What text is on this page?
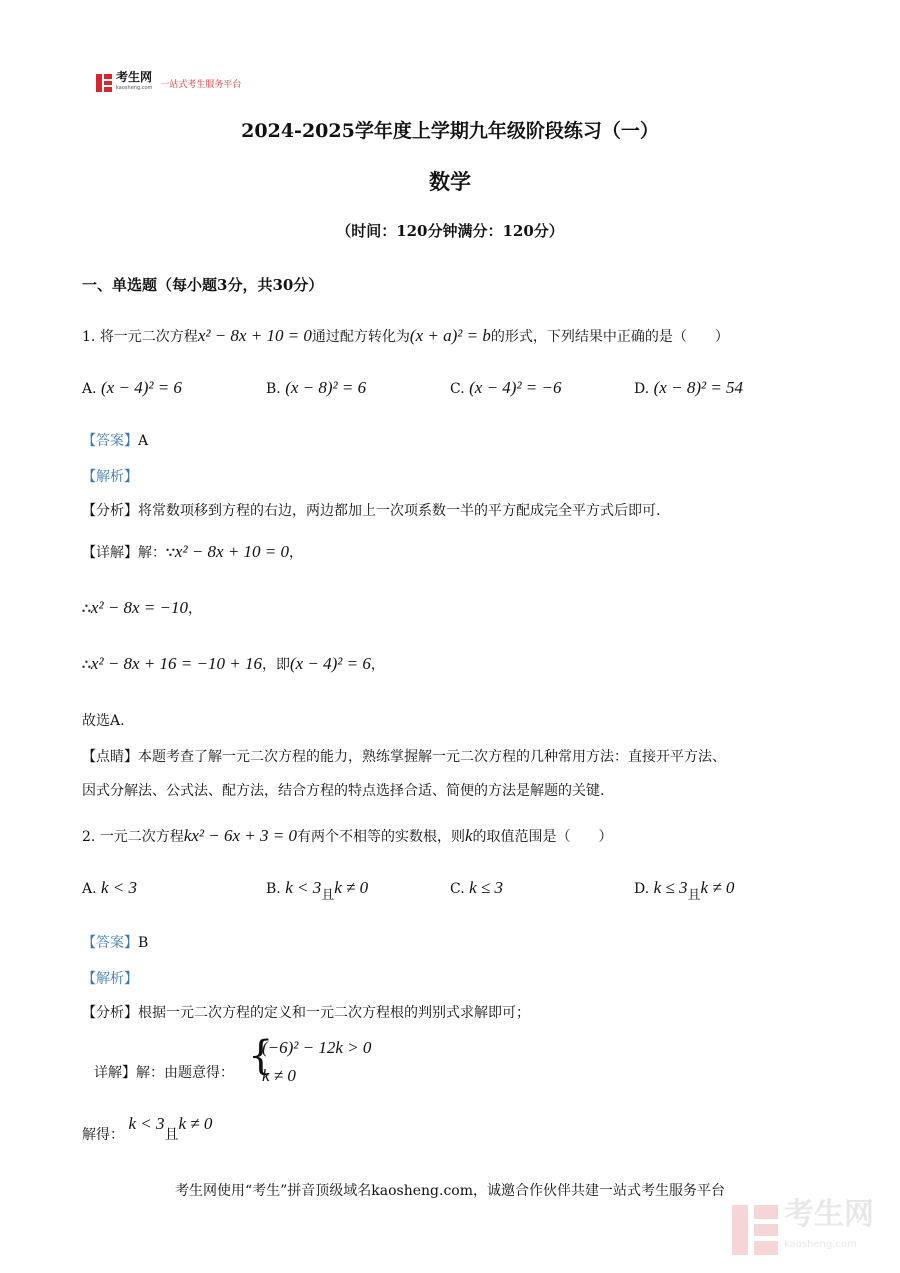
考生网
kaosheng.com 一站式考生服务平台
2024-2025学年度上学期九年级阶段练习（一）
数学
（时间：120分钟满分：120分）
一、单选题（每小题3分，共30分）
1. 将一元二次方程x² − 8x + 10 = 0通过配方转化为(x + a)² = b的形式，下列结果中正确的是（　　）
A. (x − 4)² = 6	B. (x − 8)² = 6	C. (x − 4)² = −6	D. (x − 8)² = 54
【答案】A
【解析】
【分析】将常数项移到方程的右边，两边都加上一次项系数一半的平方配成完全平方式后即可.
【详解】解：∵x² − 8x + 10 = 0，
∴x² − 8x = −10，
∴x² − 8x + 16 = −10 + 16，即(x − 4)² = 6，
故选A.
【点睛】本题考查了解一元二次方程的能力，熟练掌握解一元二次方程的几种常用方法：直接开平方法、
因式分解法、公式法、配方法，结合方程的特点选择合适、简便的方法是解题的关键.
2. 一元二次方程kx² − 6x + 3 = 0有两个不相等的实数根，则k的取值范围是（　　）
A. k < 3	B. k < 3且k ≠ 0	C. k ≤ 3	D. k ≤ 3且k ≠ 0
【答案】B
【解析】
【分析】根据一元二次方程的定义和一元二次方程根的判别式求解即可；
详解】解：由题意得： {
(−6)² − 12k > 0
k ≠ 0
解得： k < 3且k ≠ 0
考生网使用“考生”拼音顶级域名kaosheng.com，诚邀合作伙伴共建一站式考生服务平台
考生网
kaosheng.com
